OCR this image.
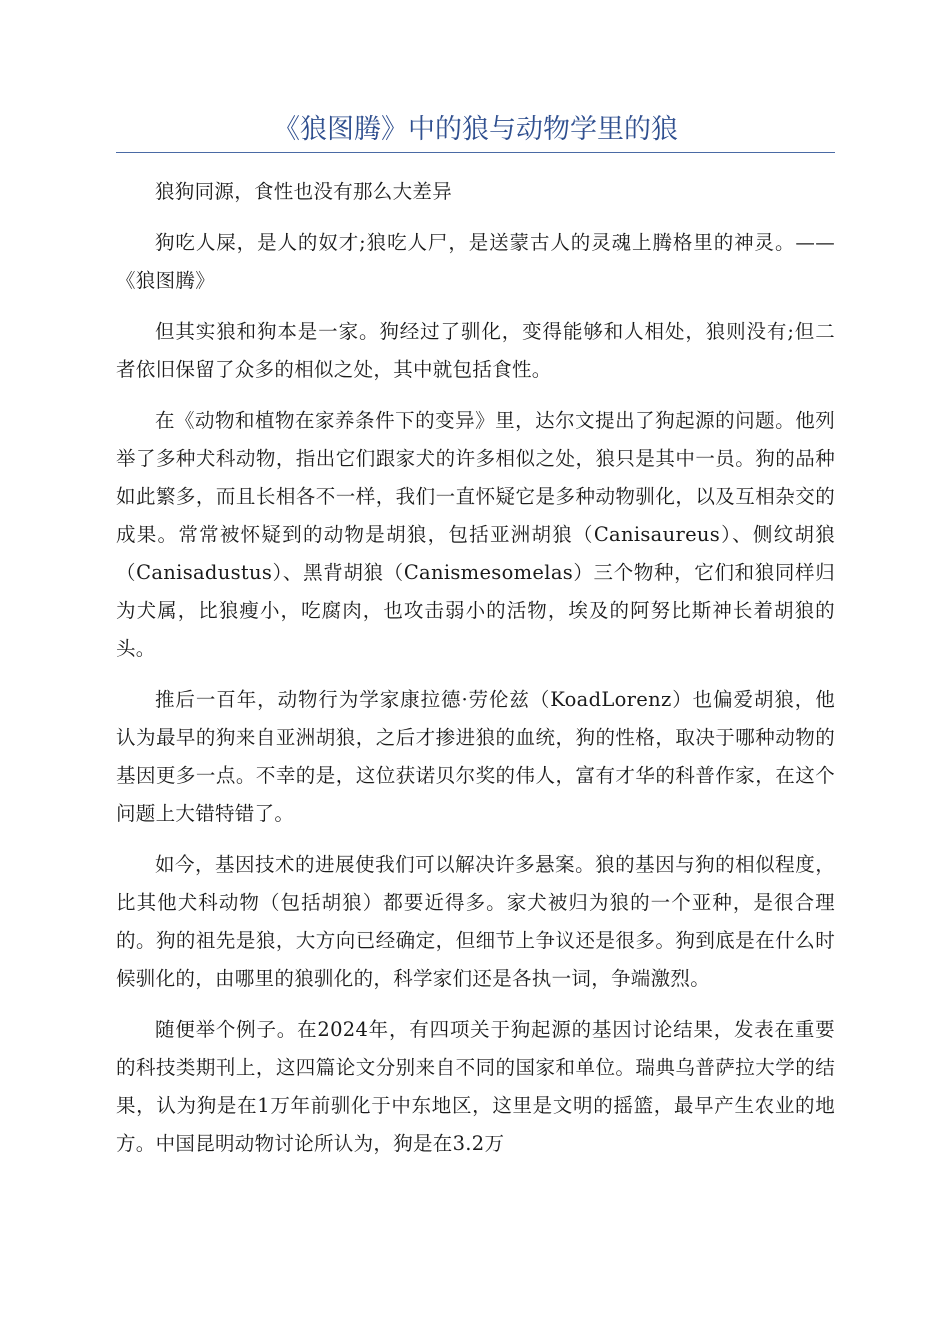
《狼图腾》中的狼与动物学里的狼

狼狗同源，食性也没有那么大差异

狗吃人屎，是人的奴才;狼吃人尸，是送蒙古人的灵魂上腾格里的神灵。——《狼图腾》

但其实狼和狗本是一家。狗经过了驯化，变得能够和人相处，狼则没有;但二者依旧保留了众多的相似之处，其中就包括食性。

在《动物和植物在家养条件下的变异》里，达尔文提出了狗起源的问题。他列举了多种犬科动物，指出它们跟家犬的许多相似之处，狼只是其中一员。狗的品种如此繁多，而且长相各不一样，我们一直怀疑它是多种动物驯化，以及互相杂交的成果。常常被怀疑到的动物是胡狼，包括亚洲胡狼（Canisaureus）、侧纹胡狼（Canisadustus）、黑背胡狼（Canismesomelas）三个物种，它们和狼同样归为犬属，比狼瘦小，吃腐肉，也攻击弱小的活物，埃及的阿努比斯神长着胡狼的头。

推后一百年，动物行为学家康拉德·劳伦兹（KoadLorenz）也偏爱胡狼，他认为最早的狗来自亚洲胡狼，之后才掺进狼的血统，狗的性格，取决于哪种动物的基因更多一点。不幸的是，这位获诺贝尔奖的伟人，富有才华的科普作家，在这个问题上大错特错了。

如今，基因技术的进展使我们可以解决许多悬案。狼的基因与狗的相似程度，比其他犬科动物（包括胡狼）都要近得多。家犬被归为狼的一个亚种，是很合理的。狗的祖先是狼，大方向已经确定，但细节上争议还是很多。狗到底是在什么时候驯化的，由哪里的狼驯化的，科学家们还是各执一词，争端激烈。

随便举个例子。在2024年，有四项关于狗起源的基因讨论结果，发表在重要的科技类期刊上，这四篇论文分别来自不同的国家和单位。瑞典乌普萨拉大学的结果，认为狗是在1万年前驯化于中东地区，这里是文明的摇篮，最早产生农业的地方。中国昆明动物讨论所认为，狗是在3.2万
